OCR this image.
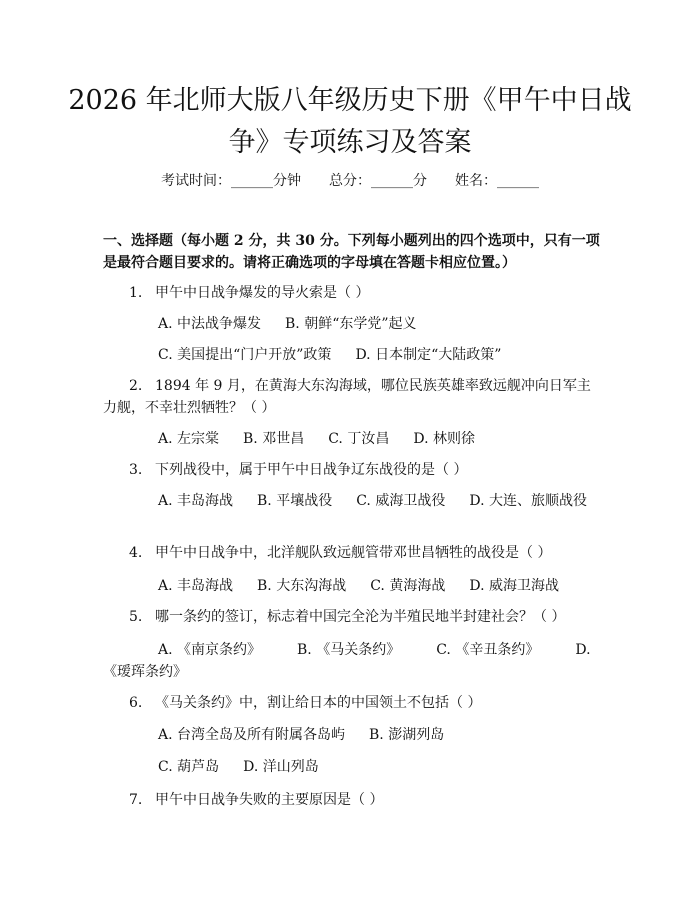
2026 年北师大版八年级历史下册《甲午中日战争》专项练习及答案
考试时间：______分钟　　总分：______分　　姓名：______
一、选择题（每小题 2 分，共 30 分。下列每小题列出的四个选项中，只有一项是最符合题目要求的。请将正确选项的字母填在答题卡相应位置。）
1. 甲午中日战争爆发的导火索是（ ）
A. 中法战争爆发 B. 朝鲜“东学党”起义
C. 美国提出“门户开放”政策 D. 日本制定“大陆政策”
2. 1894 年 9 月，在黄海大东沟海域，哪位民族英雄率致远舰冲向日军主力舰，不幸壮烈牺牲？（ ）
A. 左宗棠 B. 邓世昌 C. 丁汝昌 D. 林则徐
3. 下列战役中，属于甲午中日战争辽东战役的是（ ）
A. 丰岛海战 B. 平壤战役 C. 威海卫战役 D. 大连、旅顺战役
4. 甲午中日战争中，北洋舰队致远舰管带邓世昌牺牲的战役是（ ）
A. 丰岛海战 B. 大东沟海战 C. 黄海海战 D. 威海卫海战
5. 哪一条约的签订，标志着中国完全沦为半殖民地半封建社会？（ ）
A. 《南京条约》	B. 《马关条约》	C. 《辛丑条约》	D. 《瑷珲条约》
6. 《马关条约》中，割让给日本的中国领土不包括（ ）
A. 台湾全岛及所有附属各岛屿 B. 澎湖列岛
C. 葫芦岛 D. 洋山列岛
7. 甲午中日战争失败的主要原因是（ ）
